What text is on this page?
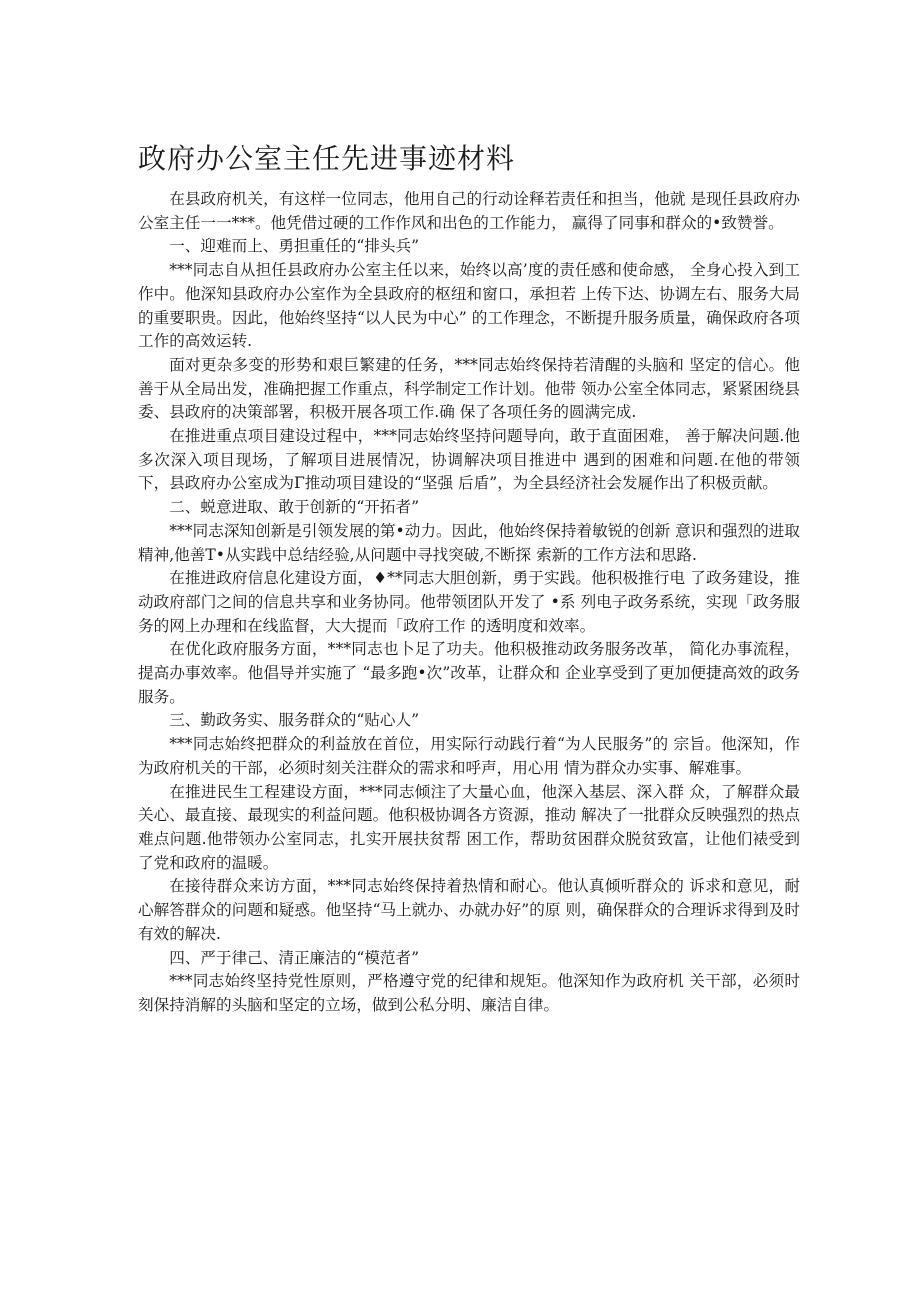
政府办公室主任先进事迹材料

在县政府机关，有这样一位同志，他用自己的行动诠释若责任和担当，他就 是现任县政府办公室主任一一***。他凭借过硬的工作作风和出色的工作能力， 赢得了同事和群众的•致赞誉。

一、迎难而上、勇担重任的“排头兵”

***同志自从担任县政府办公室主任以来，始终以高’度的责任感和使命感， 全身心投入到工作中。他深知县政府办公室作为全县政府的枢纽和窗口，承担若 上传下达、协调左右、服务大局的重要职贵。因此，他始终坚持“以人民为中心” 的工作理念，不断提升服务质量，确保政府各项工作的高效运转.

面对更杂多变的形势和艰巨繁建的任务，***同志始终保持若清醒的头脑和 坚定的信心。他善于从全局出发，准确把握工作重点，科学制定工作计划。他带 领办公室全体同志，紧紧困绕县委、县政府的决策部署，积极开展各项工作.确 保了各项任务的圆满完成.

在推进重点项目建设过程中，***同志始终坚持问题导向，敢于直面困难， 善于解决问题.他多次深入项目现场，了解项目进展情况，协调解决项目推进中 遇到的困难和问题.在他的带领下，县政府办公室成为Γ推动项目建设的“坚强 后盾”，为全县经济社会发屣作出了积极贡献。

二、蜕意进取、敢于创新的“开拓者”

***同志深知创新是引领发展的第•动力。因此，他始终保持着敏锐的创新 意识和强烈的进取精神,他善T•从实践中总结经验,从问题中寻找突破,不断探 索新的工作方法和思路.

在推进政府信息化建设方面，♦**同志大胆创新，勇于实践。他积极推行电 了政务建设，推动政府部门之间的信息共享和业务协同。他带领团队开发了 •系 列电子政务系统，实现「政务服务的网上办理和在线监督，大大提而「政府工作 的透明度和效率。

在优化政府服务方面，***同志也卜足了功夫。他积极推动政务服务改革， 简化办事流程，提高办事效率。他倡导并实施了 “最多跑•次”改革，让群众和 企业享受到了更加便捷高效的政务服务。

三、勤政务实、服务群众的“贴心人”

***同志始终把群众的利益放在首位，用实际行动践行着“为人民服务”的 宗旨。他深知，作为政府机关的干部，必须时刻关注群众的需求和呼声，用心用 情为群众办实事、解难事。

在推进民生工程建设方面，***同志倾注了大量心血，他深入基层、深入群 众，了解群众最关心、最直接、最现实的利益问题。他积极协调各方资源，推动 解决了一批群众反映强烈的热点难点问题.他带领办公室同志，扎实开展扶贫帮 困工作，帮助贫困群众脱贫致富，让他们裱受到了党和政府的温暖。

在接待群众来访方面，***同志始终保持着热情和耐心。他认真倾听群众的 诉求和意见，耐心解答群众的问题和疑惑。他坚持“马上就办、办就办好”的原 则，确保群众的合理诉求得到及时有效的解决.

四、严于律己、清正廉洁的“模范者”

***同志始终坚持党性原则，严格遵守党的纪律和规矩。他深知作为政府机 关干部，必须时刻保持消解的头脑和坚定的立场，做到公私分明、廉洁自律。
